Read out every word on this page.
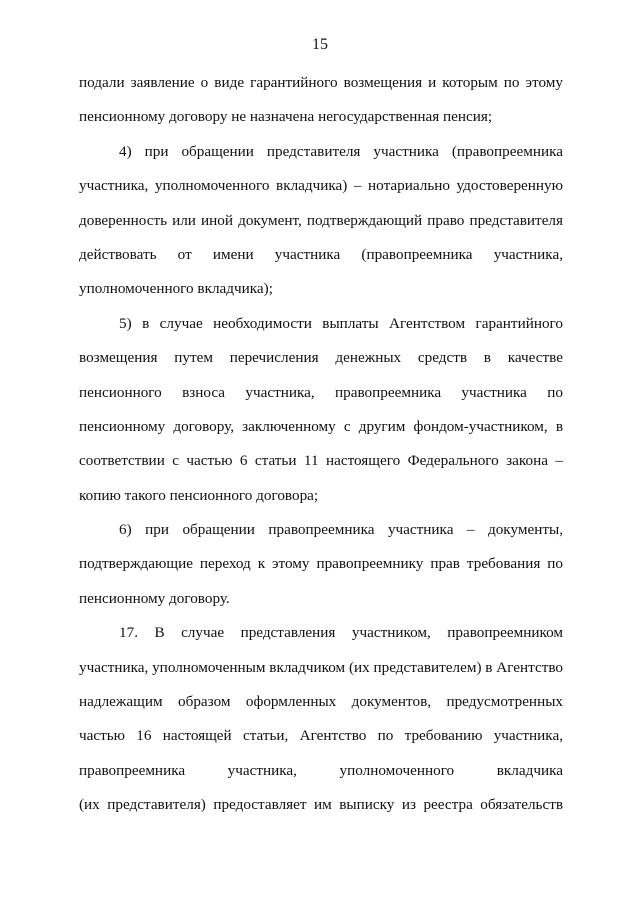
15
подали заявление о виде гарантийного возмещения и которым по этому
пенсионному договору не назначена негосударственная пенсия;
4) при обращении представителя участника (правопреемника
участника, уполномоченного вкладчика) – нотариально удостоверенную
доверенность или иной документ, подтверждающий право представителя
действовать от имени участника (правопреемника участника,
уполномоченного вкладчика);
5) в случае необходимости выплаты Агентством гарантийного
возмещения путем перечисления денежных средств в качестве
пенсионного взноса участника, правопреемника участника по
пенсионному договору, заключенному с другим фондом-участником, в
соответствии с частью 6 статьи 11 настоящего Федерального закона –
копию такого пенсионного договора;
6) при обращении правопреемника участника – документы,
подтверждающие переход к этому правопреемнику прав требования по
пенсионному договору.
17. В случае представления участником, правопреемником
участника, уполномоченным вкладчиком (их представителем) в Агентство
надлежащим образом оформленных документов, предусмотренных
частью 16 настоящей статьи, Агентство по требованию участника,
правопреемника участника, уполномоченного вкладчика
(их представителя) предоставляет им выписку из реестра обязательств
